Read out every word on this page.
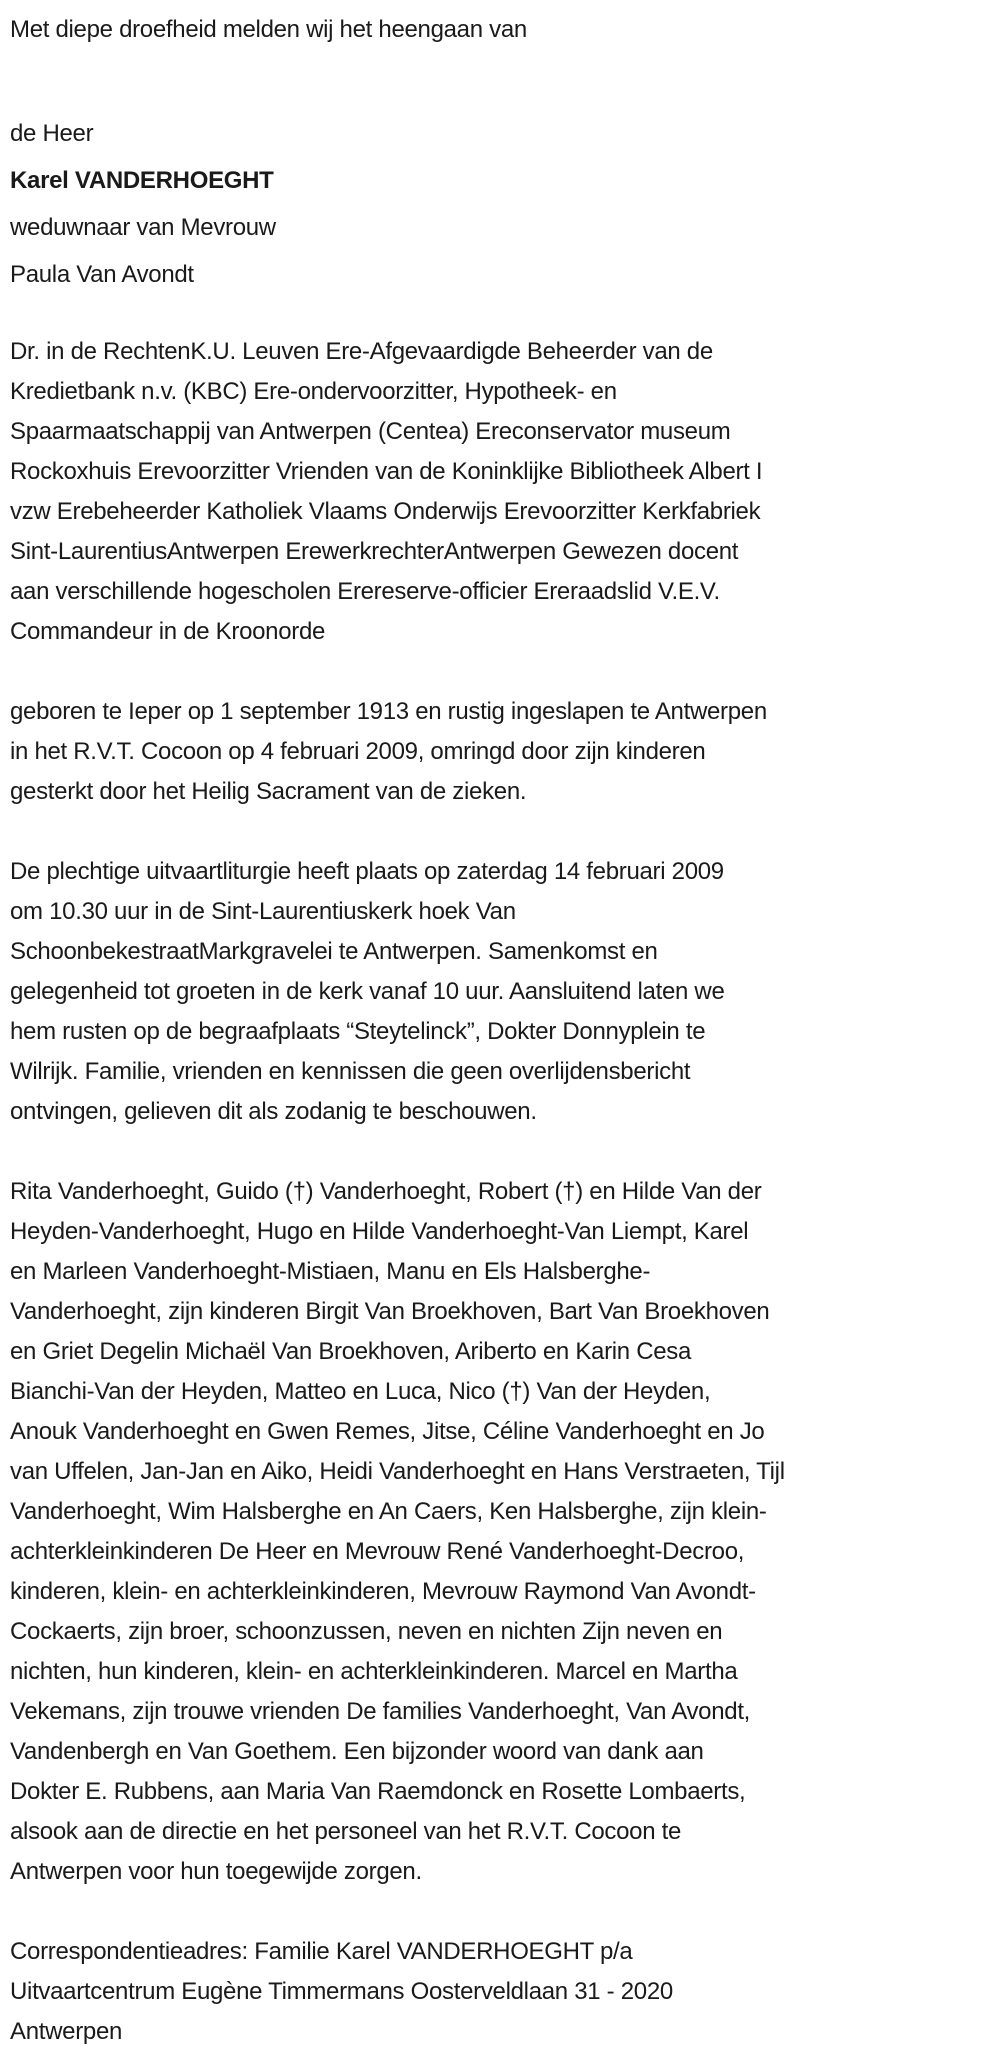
Met diepe droefheid melden wij het heengaan van
de Heer
Karel VANDERHOEGHT
weduwnaar van Mevrouw
Paula Van Avondt
Dr. in de RechtenK.U. Leuven Ere-Afgevaardigde Beheerder van de
Kredietbank n.v. (KBC) Ere-ondervoorzitter, Hypotheek- en
Spaarmaatschappij van Antwerpen (Centea) Ereconservator museum
Rockoxhuis Erevoorzitter Vrienden van de Koninklijke Bibliotheek Albert I
vzw Erebeheerder Katholiek Vlaams Onderwijs Erevoorzitter Kerkfabriek
Sint-LaurentiusAntwerpen ErewerkrechterAntwerpen Gewezen docent
aan verschillende hogescholen Erereserve-officier Ereraadslid V.E.V.
Commandeur in de Kroonorde
geboren te Ieper op 1 september 1913 en rustig ingeslapen te Antwerpen
in het R.V.T. Cocoon op 4 februari 2009, omringd door zijn kinderen
gesterkt door het Heilig Sacrament van de zieken.
De plechtige uitvaartliturgie heeft plaats op zaterdag 14 februari 2009
om 10.30 uur in de Sint-Laurentiuskerk hoek Van
SchoonbekestraatMarkgravelei te Antwerpen. Samenkomst en
gelegenheid tot groeten in de kerk vanaf 10 uur. Aansluitend laten we
hem rusten op de begraafplaats “Steytelinck”, Dokter Donnyplein te
Wilrijk. Familie, vrienden en kennissen die geen overlijdensbericht
ontvingen, gelieven dit als zodanig te beschouwen.
Rita Vanderhoeght, Guido (†) Vanderhoeght, Robert (†) en Hilde Van der
Heyden-Vanderhoeght, Hugo en Hilde Vanderhoeght-Van Liempt, Karel
en Marleen Vanderhoeght-Mistiaen, Manu en Els Halsberghe-
Vanderhoeght, zijn kinderen Birgit Van Broekhoven, Bart Van Broekhoven
en Griet Degelin Michaël Van Broekhoven, Ariberto en Karin Cesa
Bianchi-Van der Heyden, Matteo en Luca, Nico (†) Van der Heyden,
Anouk Vanderhoeght en Gwen Remes, Jitse, Céline Vanderhoeght en Jo
van Uffelen, Jan-Jan en Aiko, Heidi Vanderhoeght en Hans Verstraeten, Tijl
Vanderhoeght, Wim Halsberghe en An Caers, Ken Halsberghe, zijn klein-
achterkleinkinderen De Heer en Mevrouw René Vanderhoeght-Decroo,
kinderen, klein- en achterkleinkinderen, Mevrouw Raymond Van Avondt-
Cockaerts, zijn broer, schoonzussen, neven en nichten Zijn neven en
nichten, hun kinderen, klein- en achterkleinkinderen. Marcel en Martha
Vekemans, zijn trouwe vrienden De families Vanderhoeght, Van Avondt,
Vandenbergh en Van Goethem. Een bijzonder woord van dank aan
Dokter E. Rubbens, aan Maria Van Raemdonck en Rosette Lombaerts,
alsook aan de directie en het personeel van het R.V.T. Cocoon te
Antwerpen voor hun toegewijde zorgen.
Correspondentieadres: Familie Karel VANDERHOEGHT p/a
Uitvaartcentrum Eugène Timmermans Oosterveldlaan 31 - 2020
Antwerpen
